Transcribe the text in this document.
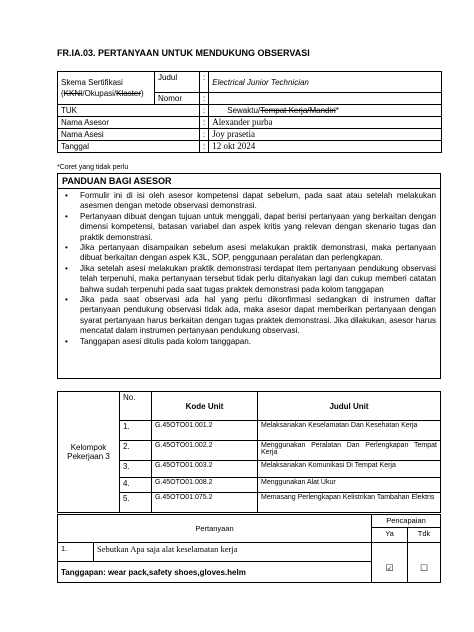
FR.IA.03. PERTANYAAN UNTUK MENDUKUNG OBSERVASI
Skema Sertifikasi
(KKNI/Okupasi/Klaster)	Judul	:	Electrical Junior Technician
	Nomor	:	
TUK		:	Sewaktu/Tempat Kerja/Mandiri*
Nama Asesor		:	Alexander purba
Nama Asesi		:	Joy prasetia
Tanggal		:	12 okt 2024
*Coret yang tidak perlu
PANDUAN BAGI ASESOR
• Formulir ini di isi oleh asesor kompetensi dapat sebelum, pada saat atau setelah melakukan asesmen dengan metode observasi demonstrasi.
• Pertanyaan dibuat dengan tujuan untuk menggali, dapat berisi pertanyaan yang berkaitan dengan dimensi kompetensi, batasan variabel dan aspek kritis yang relevan dengan skenario tugas dan praktik demonstrasi.
• Jika pertanyaan disampaikan sebelum asesi melakukan praktik demonstrasi, maka pertanyaan dibuat berkaitan dengan aspek K3L, SOP, penggunaan peralatan dan perlengkapan.
• Jika setelah asesi melakukan praktik demonstrasi terdapat item pertanyaan pendukung observasi telah terpenuhi, maka pertanyaan tersebut tidak perlu ditanyakan lagi dan cukup memberi catatan bahwa sudah terpenuhi pada saat tugas praktek demonstrasi pada kolom tanggapan
• Jika pada saat observasi ada hal yang perlu dikonfirmasi sedangkan di instrumen daftar pertanyaan pendukung observasi tidak ada, maka asesor dapat memberikan pertanyaan dengan syarat pertanyaan harus berkaitan dengan tugas praktek demonstrasi. Jika dilakukan, asesor harus mencatat dalam instrumen pertanyaan pendukung observasi.
• Tanggapan asesi ditulis pada kolom tanggapan.
Kelompok Pekerjaan 3	No.	Kode Unit	Judul Unit
	1.	G.45OTO01.001.2	Melaksanakan Keselamatan Dan Kesehatan Kerja
	2.	G.45OTO01.002.2	Menggunakan Peralatan Dan Perlengkapan Tempat Kerja
	3.	G.45OTO01.003.2	Melaksanakan Komunikasi Di Tempat Kerja
	4.	G.45OTO01.008.2	Menggunakan Alat Ukur
	5.	G.45OTO01.075.2	Memasang Perlengkapan Kelistrikan Tambahan Elektris
Pertanyaan		Pencapaian	
		Ya	Tdk
1.	Sebutkan Apa saja alat keselamatan kerja		
Tanggapan: wear pack,safety shoes,gloves.helm		☑	☐
